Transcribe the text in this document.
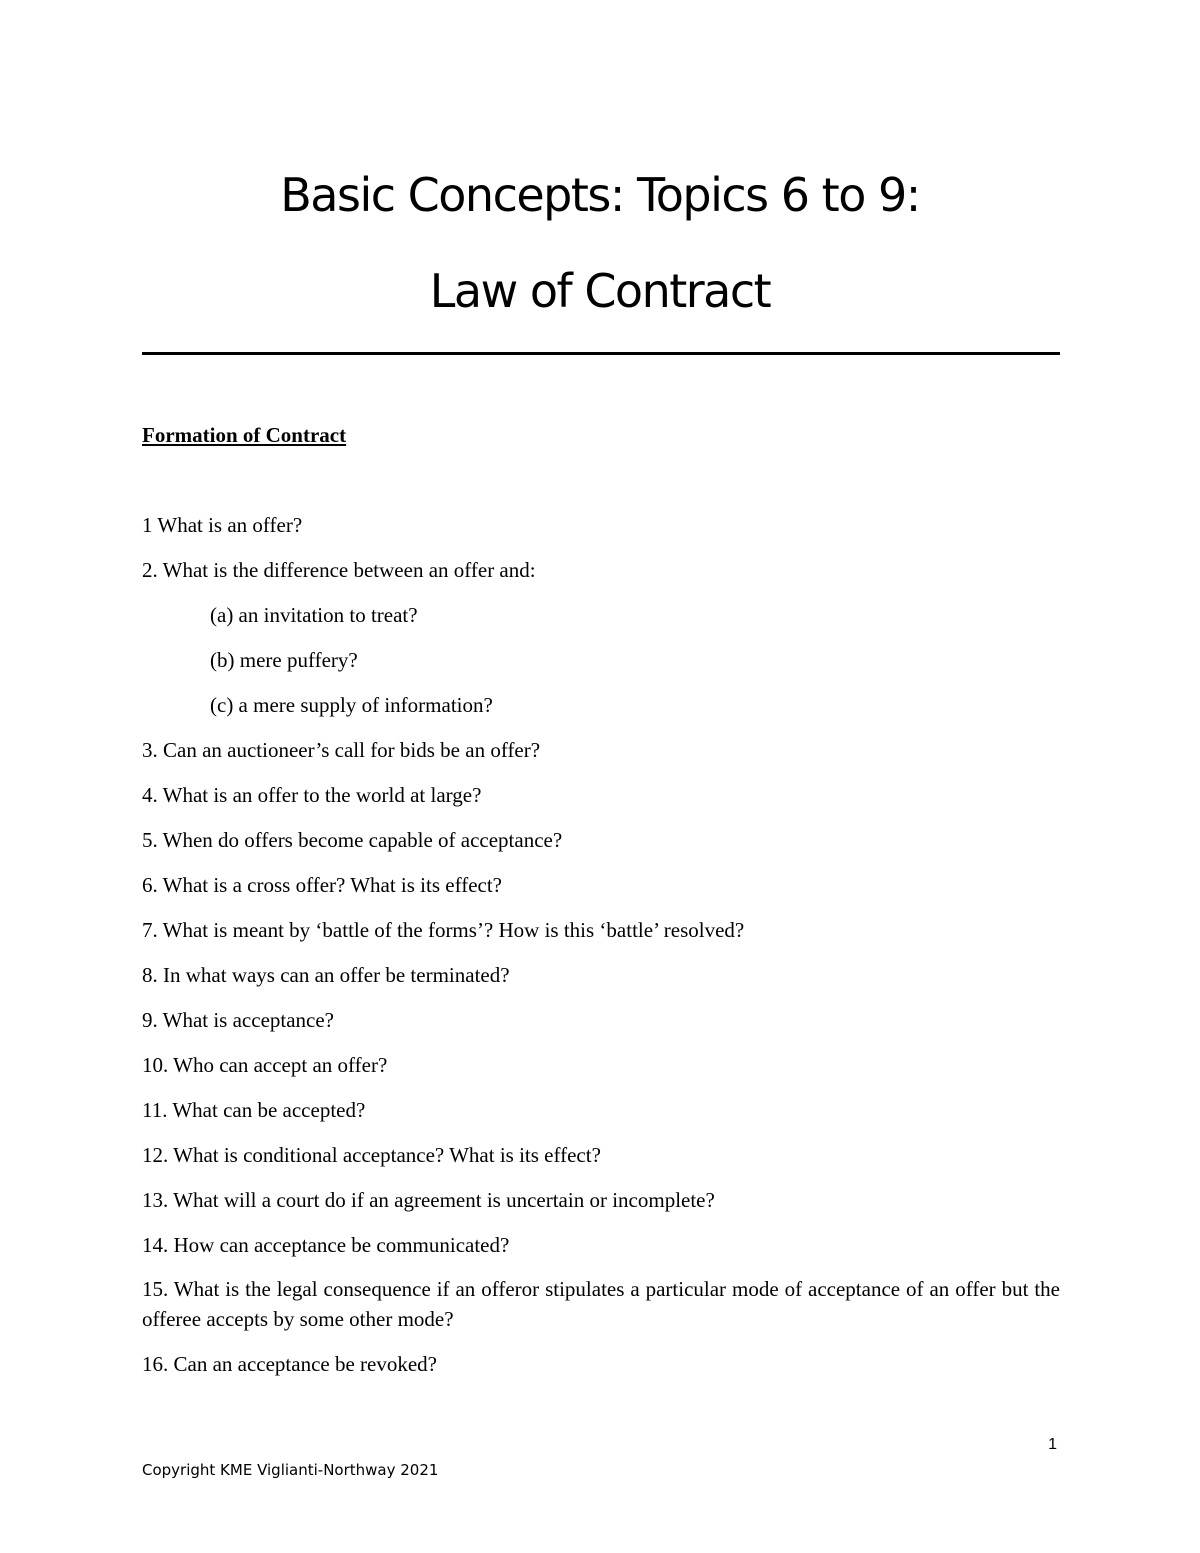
Basic Concepts: Topics 6 to 9:
Law of Contract
Formation of Contract
1 What is an offer?
2. What is the difference between an offer and:
(a) an invitation to treat?
(b) mere puffery?
(c) a mere supply of information?
3. Can an auctioneer’s call for bids be an offer?
4. What is an offer to the world at large?
5. When do offers become capable of acceptance?
6. What is a cross offer? What is its effect?
7. What is meant by ‘battle of the forms’? How is this ‘battle’ resolved?
8. In what ways can an offer be terminated?
9. What is acceptance?
10. Who can accept an offer?
11. What can be accepted?
12. What is conditional acceptance? What is its effect?
13. What will a court do if an agreement is uncertain or incomplete?
14. How can acceptance be communicated?
15. What is the legal consequence if an offeror stipulates a particular mode of acceptance of an offer but the offeree accepts by some other mode?
16. Can an acceptance be revoked?
1
Copyright KME Viglianti-Northway 2021
